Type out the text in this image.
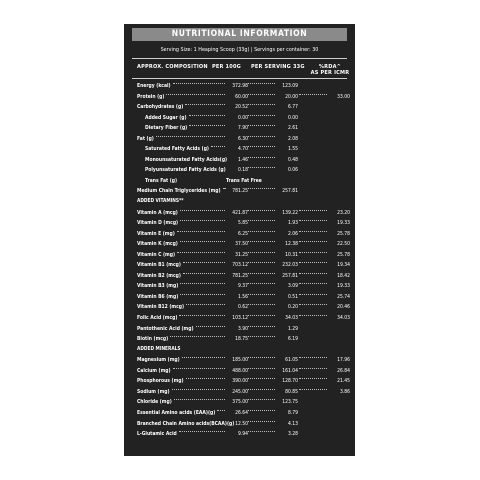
NUTRITIONAL INFORMATION
Serving Size: 1 Heaping Scoop (33g) | Servings per container: 30
APPROX. COMPOSITION PER 100G PER SERVING 33G	%RDA^
AS PER ICMR
Energy (kcal)	372.98	123.09
Protein (g)	60.00	20.00	33.00
Carbohydrates (g)	20.52	6.77
Added Sugar (g)	0.00	0.00
Dietary Fiber (g)	7.90	2.61
Fat (g)	6.30	2.08
Saturated Fatty Acids (g)	4.70	1.55
Monounsaturated Fatty Acids(g) 1.46	0.48
Polyunsaturated Fatty Acids (g) 0.18	0.06
Trans Fat (g)	Trans Fat Free
Medium Chain Triglycerides (mg) 781.25	257.81
ADDED VITAMINS**
Vitamin A (mcg)	421.87	139.22	23.20
Vitamin D (mcg)	5.85	1.93	19.33
Vitamin E (mg)	6.25	2.06	25.78
Vitamin K (mcg)	37.50	12.38	22.50
Vitamin C (mg)	31.25	10.31	25.78
Vitamin B1 (mcg)	703.12	232.03	19.34
Vitamin B2 (mcg)	781.25	257.81	18.42
Vitamin B3 (mg)	9.37	3.09	19.33
Vitamin B6 (mg)	1.56	0.51	25.74
Vitamin B12 (mcg)	0.62	0.20	20.46
Folic Acid (mcg)	103.12	34.03	34.03
Pantothenic Acid (mg)	3.90	1.29
Biotin (mcg)	18.75	6.19
ADDED MINERALS
Magnesium (mg)	185.00	61.05	17.96
Calcium (mg)	488.00	161.04	26.84
Phosphorous (mg)	390.00	128.70	21.45
Sodium (mg)	245.00	80.85	3.86
Chloride (mg)	375.00	123.75
Essential Amino acids (EAA)(g)	26.64	8.79
Branched Chain Amino acids(BCAA)(g) 12.50	4.13
L-Glutamic Acid	9.94	3.28
